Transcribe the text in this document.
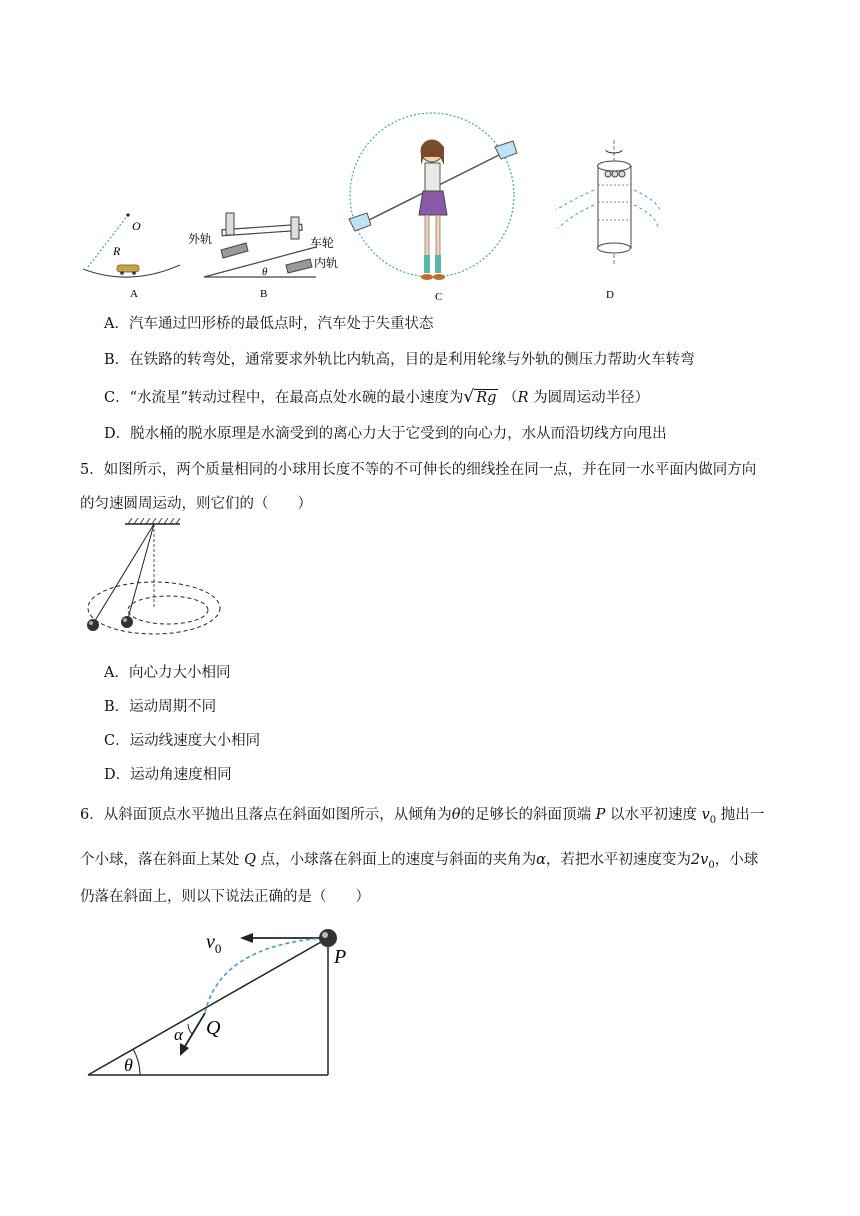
O
R
A
外轨	车轮
内轨
θ
B	C	D
A．汽车通过凹形桥的最低点时，汽车处于失重状态
B．在铁路的转弯处，通常要求外轨比内轨高，目的是利用轮缘与外轨的侧压力帮助火车转弯
C．“水流星”转动过程中，在最高点处水碗的最小速度为√ Rg （R 为圆周运动半径）
D．脱水桶的脱水原理是水滴受到的离心力大于它受到的向心力，水从而沿切线方向甩出
5．如图所示，两个质量相同的小球用长度不等的不可伸长的细线拴在同一点，并在同一水平面内做同方向
的匀速圆周运动，则它们的（　　）
A．向心力大小相同
B．运动周期不同
C．运动线速度大小相同
D．运动角速度相同
6．从斜面顶点水平抛出且落点在斜面如图所示，从倾角为θ的足够长的斜面顶端 P 以水平初速度 $v_0$ 抛出一
个小球，落在斜面上某处 Q 点，小球落在斜面上的速度与斜面的夹角为α，若把水平初速度变为$2v_0$，小球
仍落在斜面上，则以下说法正确的是（　　）
$v_0$	P
Q
α
θ
